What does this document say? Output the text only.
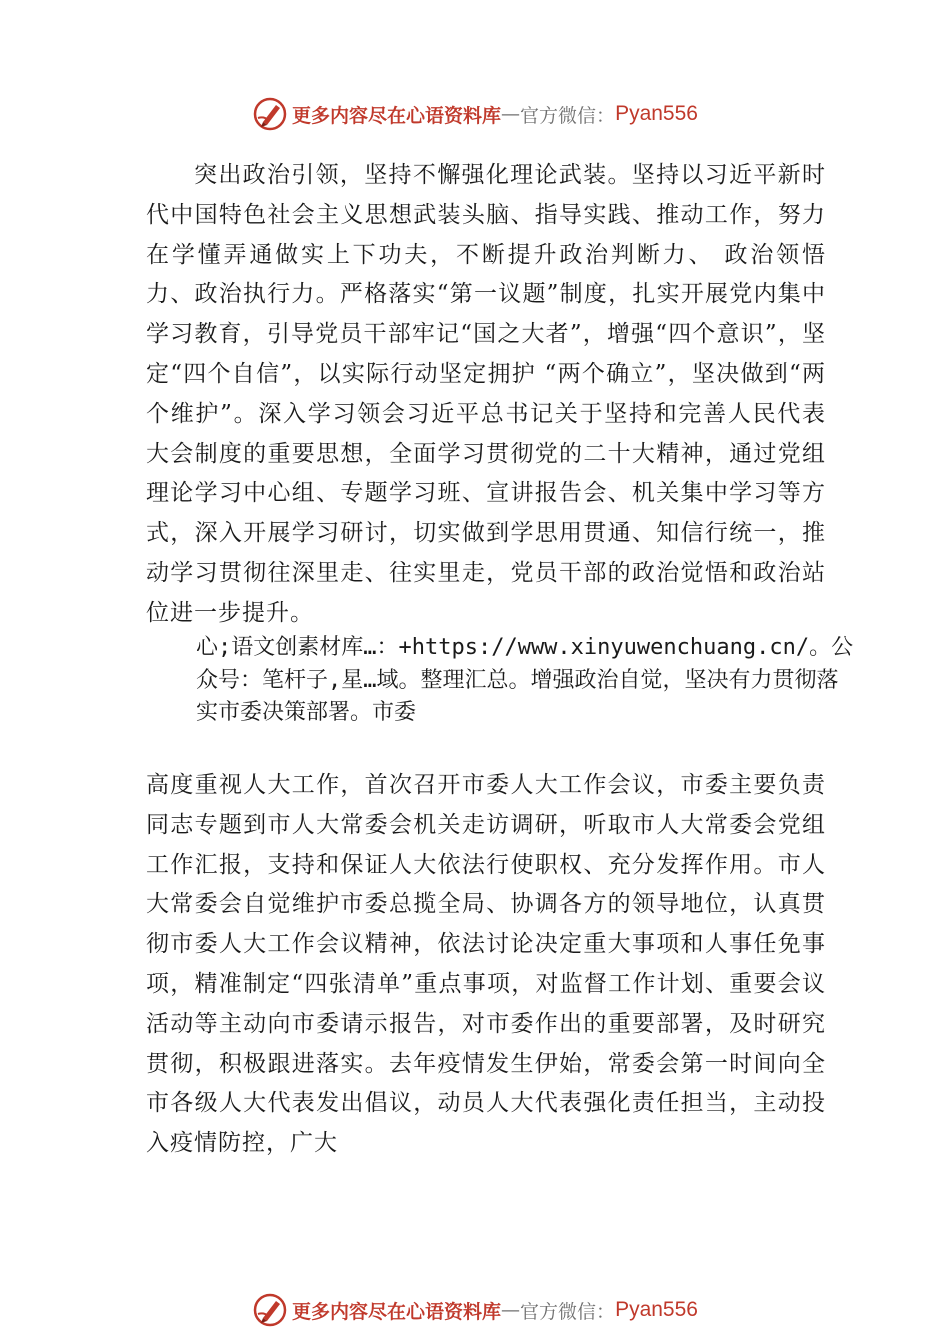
更多内容尽在心语资料库 — 官方微信： Pyan556

突出政治引领，坚持不懈强化理论武装。坚持以习近平新时代中国特色社会主义思想武装头脑、指导实践、推动工作，努力在学懂弄通做实上下功夫，不断提升政治判断力、 政治领悟力、政治执行力。严格落实“第一议题”制度，扎实开展党内集中学习教育，引导党员干部牢记“国之大者”，增强“四个意识”，坚定“四个自信”，以实际行动坚定拥护 “两个确立”，坚决做到“两个维护”。深入学习领会习近平总书记关于坚持和完善人民代表大会制度的重要思想，全面学习贯彻党的二十大精神，通过党组理论学习中心组、专题学习班、宣讲报告会、机关集中学习等方式，深入开展学习研讨，切实做到学思用贯通、知信行统一，推动学习贯彻往深里走、往实里走，党员干部的政治觉悟和政治站位进一步提升。

心;语文创素材库…：+https://www.xinyuwenchuang.cn/。公众号：笔杆子,星…域。整理汇总。增强政治自觉，坚决有力贯彻落实市委决策部署。市委

高度重视人大工作，首次召开市委人大工作会议，市委主要负责同志专题到市人大常委会机关走访调研，听取市人大常委会党组工作汇报，支持和保证人大依法行使职权、充分发挥作用。市人大常委会自觉维护市委总揽全局、协调各方的领导地位，认真贯彻市委人大工作会议精神，依法讨论决定重大事项和人事任免事项，精准制定“四张清单”重点事项，对监督工作计划、重要会议活动等主动向市委请示报告，对市委作出的重要部署，及时研究贯彻，积极跟进落实。去年疫情发生伊始，常委会第一时间向全市各级人大代表发出倡议，动员人大代表强化责任担当，主动投入疫情防控，广大

更多内容尽在心语资料库 — 官方微信： Pyan556
